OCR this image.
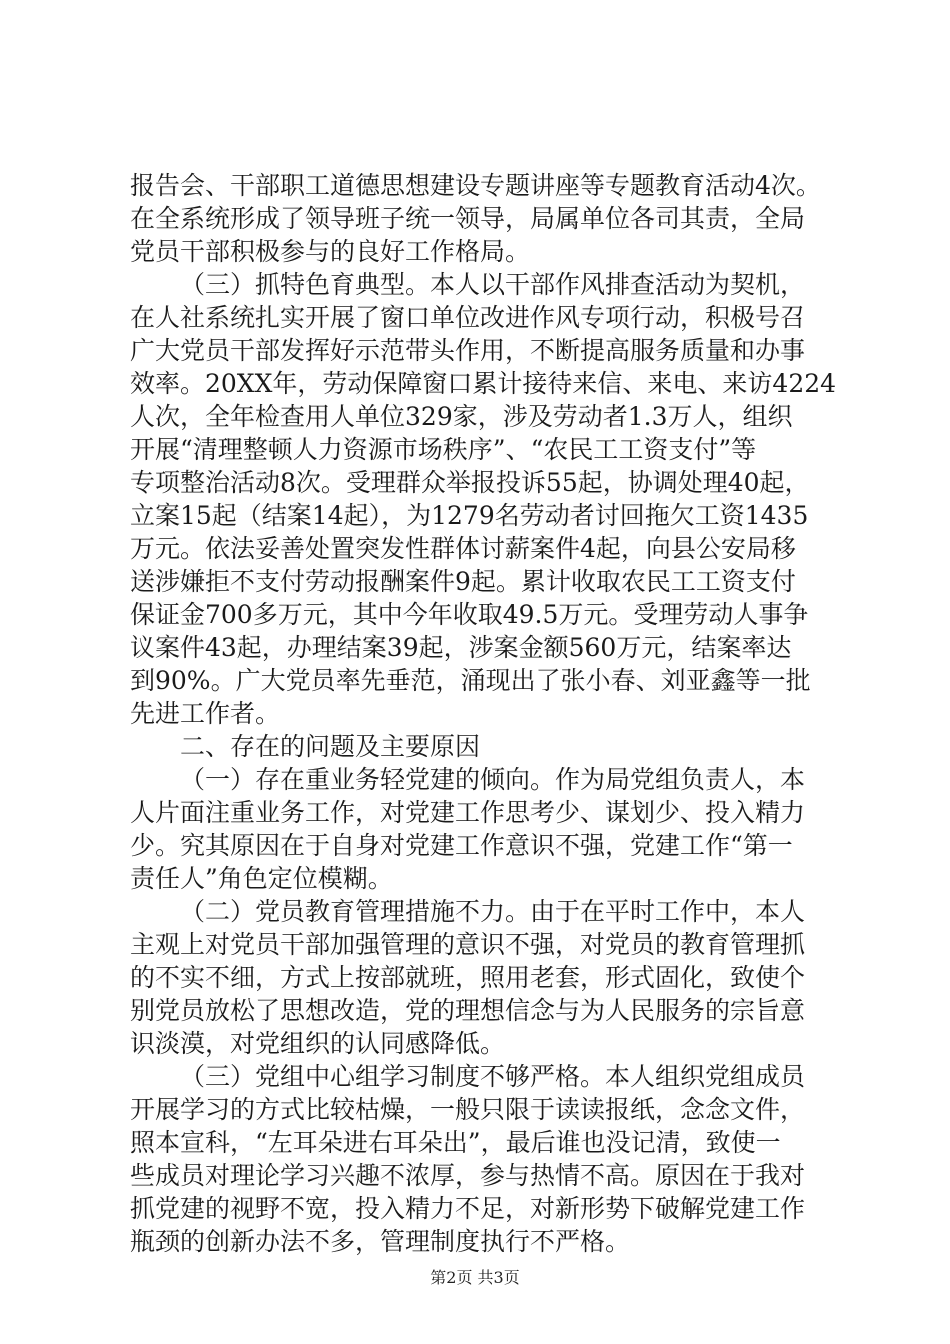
报告会、干部职工道德思想建设专题讲座等专题教育活动4次。
在全系统形成了领导班子统一领导，局属单位各司其责，全局
党员干部积极参与的良好工作格局。
（三）抓特色育典型。本人以干部作风排查活动为契机，
在人社系统扎实开展了窗口单位改进作风专项行动，积极号召
广大党员干部发挥好示范带头作用，不断提高服务质量和办事
效率。20XX年，劳动保障窗口累计接待来信、来电、来访4224
人次，全年检查用人单位329家，涉及劳动者1.3万人，组织
开展“清理整顿人力资源市场秩序”、“农民工工资支付”等
专项整治活动8次。受理群众举报投诉55起，协调处理40起，
立案15起（结案14起），为1279名劳动者讨回拖欠工资1435
万元。依法妥善处置突发性群体讨薪案件4起，向县公安局移
送涉嫌拒不支付劳动报酬案件9起。累计收取农民工工资支付
保证金700多万元，其中今年收取49.5万元。受理劳动人事争
议案件43起，办理结案39起，涉案金额560万元，结案率达
到90%。广大党员率先垂范，涌现出了张小春、刘亚鑫等一批
先进工作者。
二、存在的问题及主要原因
（一）存在重业务轻党建的倾向。作为局党组负责人，本
人片面注重业务工作，对党建工作思考少、谋划少、投入精力
少。究其原因在于自身对党建工作意识不强，党建工作“第一
责任人”角色定位模糊。
（二）党员教育管理措施不力。由于在平时工作中，本人
主观上对党员干部加强管理的意识不强，对党员的教育管理抓
的不实不细，方式上按部就班，照用老套，形式固化，致使个
别党员放松了思想改造，党的理想信念与为人民服务的宗旨意
识淡漠，对党组织的认同感降低。
（三）党组中心组学习制度不够严格。本人组织党组成员
开展学习的方式比较枯燥，一般只限于读读报纸，念念文件，
照本宣科，“左耳朵进右耳朵出”，最后谁也没记清，致使一
些成员对理论学习兴趣不浓厚，参与热情不高。原因在于我对
抓党建的视野不宽，投入精力不足，对新形势下破解党建工作
瓶颈的创新办法不多，管理制度执行不严格。
第2页 共3页
